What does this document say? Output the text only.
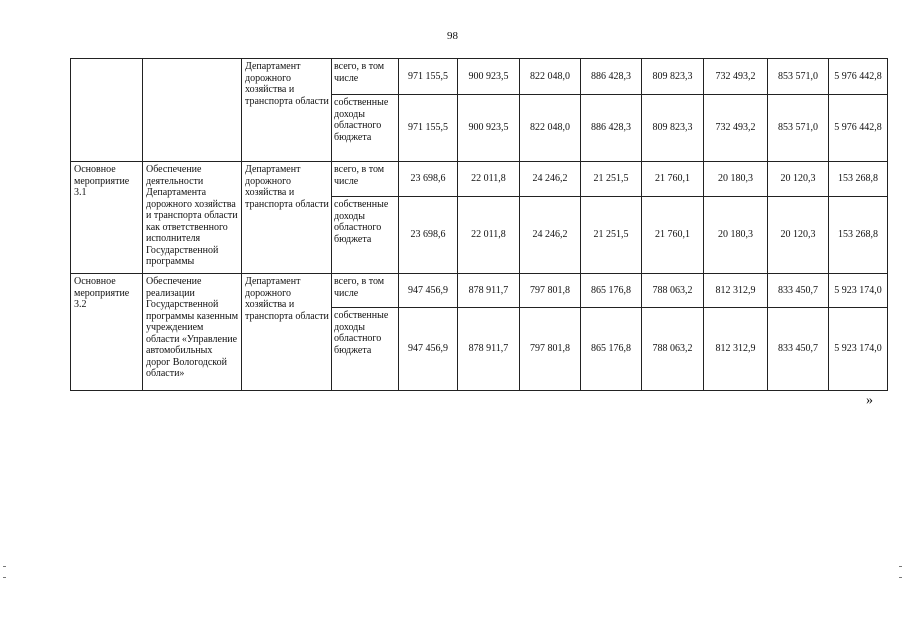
98
		Департамент дорожного хозяйства и транспорта области	всего, в том числе	971 155,5	900 923,5	822 048,0	886 428,3	809 823,3	732 493,2	853 571,0	5 976 442,8
			собственные доходы областного бюджета	971 155,5	900 923,5	822 048,0	886 428,3	809 823,3	732 493,2	853 571,0	5 976 442,8
Основное мероприятие 3.1	Обеспечение деятельности Департамента дорожного хозяйства и транспорта области как ответственного исполнителя Государственной программы	Департамент дорожного хозяйства и транспорта области	всего, в том числе	23 698,6	22 011,8	24 246,2	21 251,5	21 760,1	20 180,3	20 120,3	153 268,8
			собственные доходы областного бюджета	23 698,6	22 011,8	24 246,2	21 251,5	21 760,1	20 180,3	20 120,3	153 268,8
Основное мероприятие 3.2	Обеспечение реализации Государственной программы казенным учреждением области «Управление автомобильных дорог Вологодской области»	Департамент дорожного хозяйства и транспорта области	всего, в том числе	947 456,9	878 911,7	797 801,8	865 176,8	788 063,2	812 312,9	833 450,7	5 923 174,0
			собственные доходы областного бюджета	947 456,9	878 911,7	797 801,8	865 176,8	788 063,2	812 312,9	833 450,7	5 923 174,0
»
